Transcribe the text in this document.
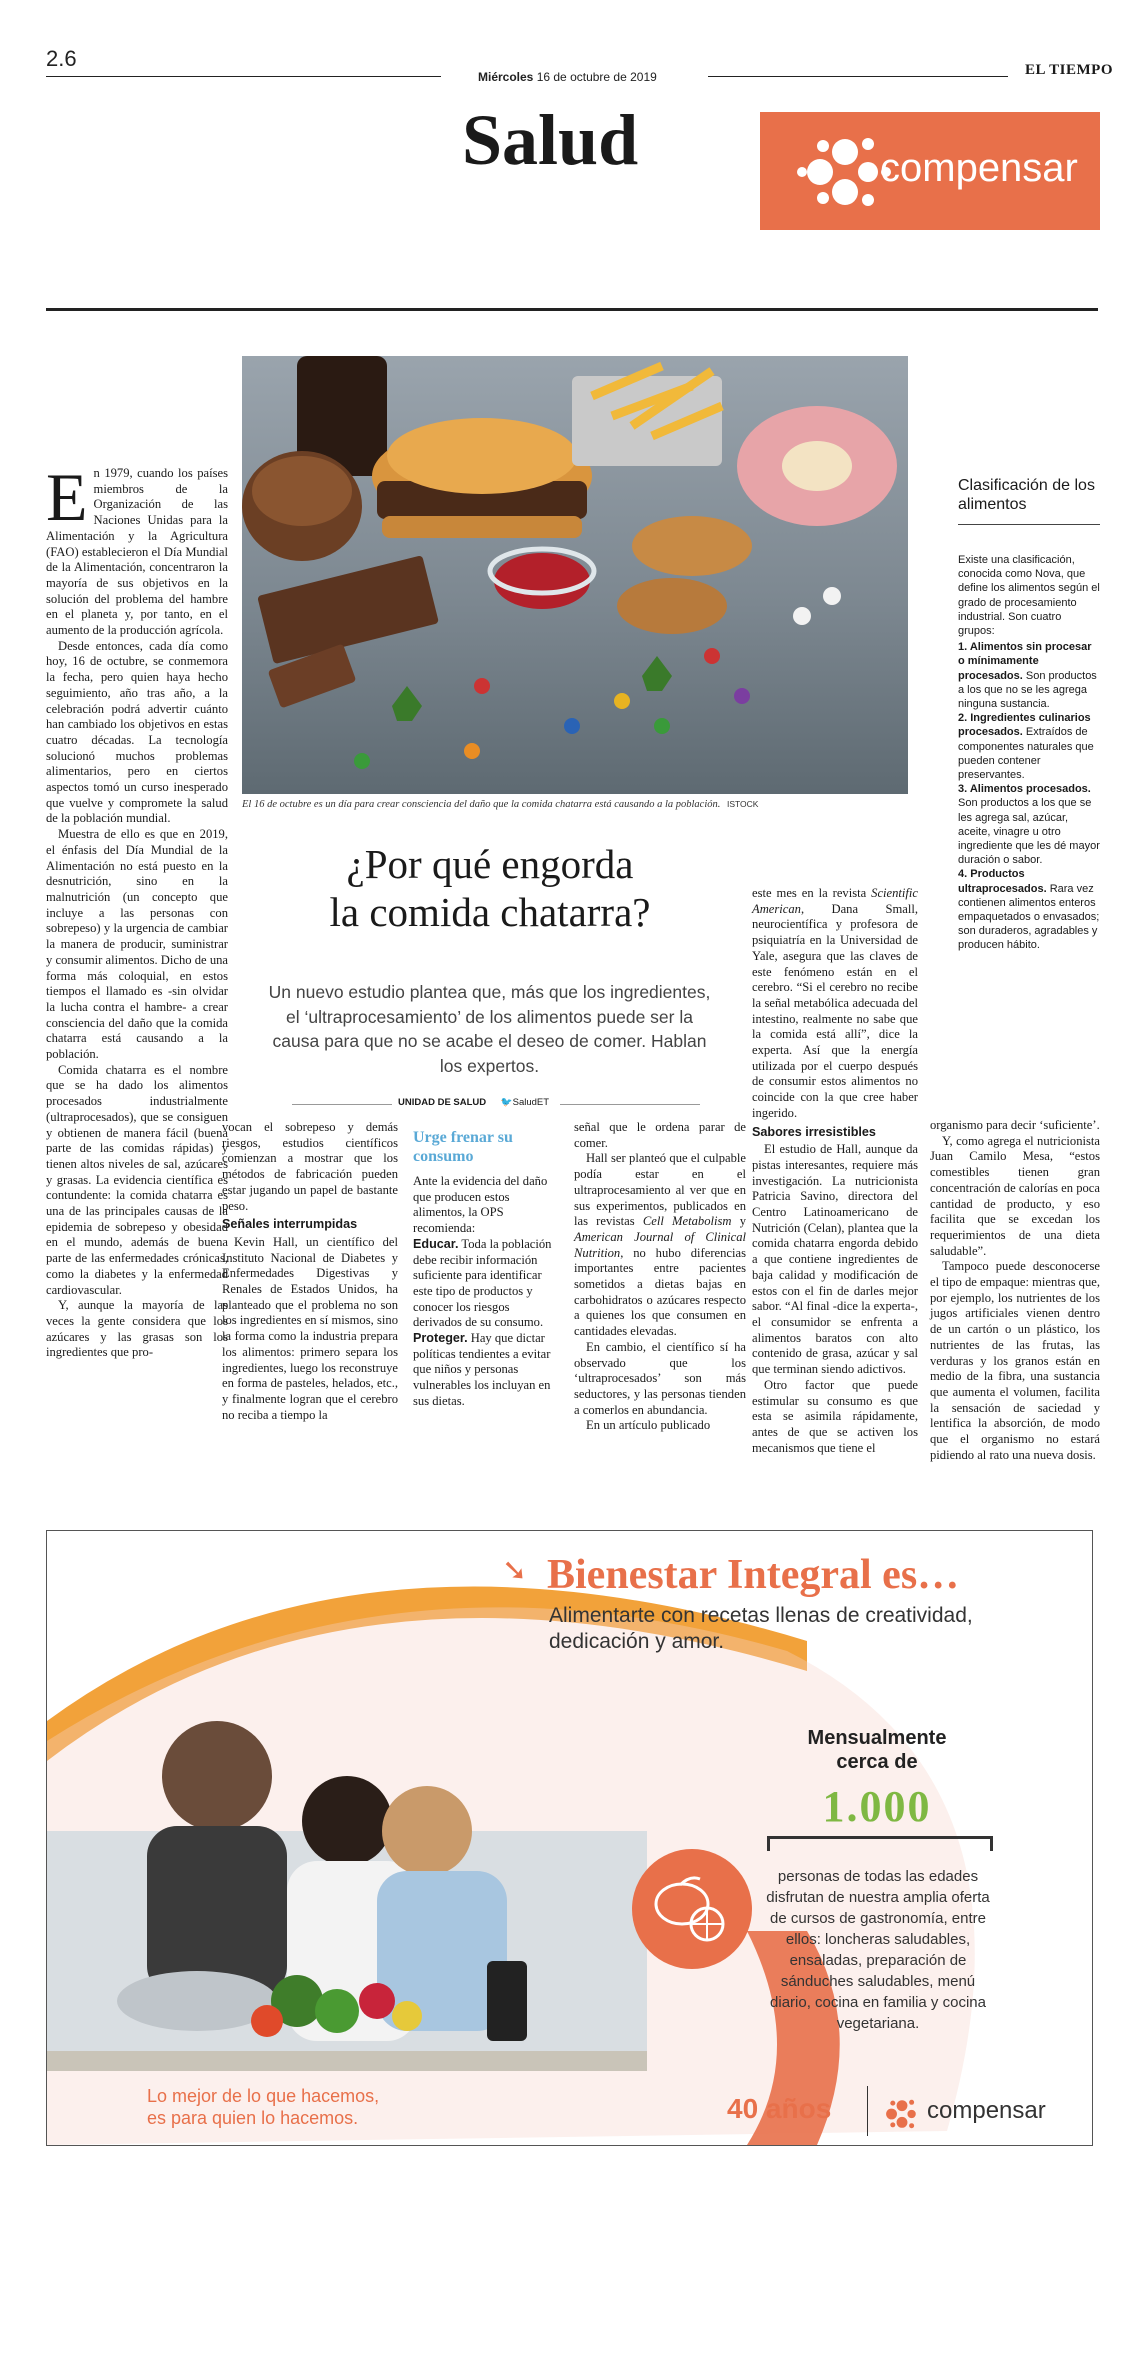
2.6
Miércoles 16 de octubre de 2019	EL TIEMPO
Salud	compensar
El 16 de octubre es un día para crear consciencia del daño que la comida chatarra está causando a la población. ISTOCK
¿Por qué engorda
la comida chatarra?
Un nuevo estudio plantea que, más que los ingredientes, el ‘ultraprocesamiento’ de los alimentos puede ser la causa para que no se acabe el deseo de comer. Hablan los expertos.
UNIDAD DE SALUD 🐦SaludET

En 1979, cuando los países miembros de la Organización de las Naciones Unidas para la Alimentación y la Agricultura (FAO) establecieron el Día Mundial de la Alimentación, concentraron la mayoría de sus objetivos en la solución del problema del hambre en el planeta y, por tanto, en el aumento de la producción agrícola.

Desde entonces, cada día como hoy, 16 de octubre, se conmemora la fecha, pero quien haya hecho seguimiento, año tras año, a la celebración podrá advertir cuánto han cambiado los objetivos en estas cuatro décadas. La tecnología solucionó muchos problemas alimentarios, pero en ciertos aspectos tomó un curso inesperado que vuelve y compromete la salud de la población mundial.

Muestra de ello es que en 2019, el énfasis del Día Mundial de la Alimentación no está puesto en la desnutrición, sino en la malnutrición (un concepto que incluye a las personas con sobrepeso) y la urgencia de cambiar la manera de producir, suministrar y consumir alimentos. Dicho de una forma más coloquial, en estos tiempos el llamado es -sin olvidar la lucha contra el hambre- a crear consciencia del daño que la comida chatarra está causando a la población.

Comida chatarra es el nombre que se ha dado los alimentos procesados industrialmente (ultraprocesados), que se consiguen y obtienen de manera fácil (buena parte de las comidas rápidas) y tienen altos niveles de sal, azúcares y grasas. La evidencia científica es contundente: la comida chatarra es una de las principales causas de la epidemia de sobrepeso y obesidad en el mundo, además de buena parte de las enfermedades crónicas, como la diabetes y la enfermedad cardiovascular.

Y, aunque la mayoría de las veces la gente considera que los azúcares y las grasas son los ingredientes que pro-

vocan el sobrepeso y demás riesgos, estudios científicos comienzan a mostrar que los métodos de fabricación pueden estar jugando un papel de bastante peso.

Señales interrumpidas

Kevin Hall, un científico del Instituto Nacional de Diabetes y Enfermedades Digestivas y Renales de Estados Unidos, ha planteado que el problema no son los ingredientes en sí mismos, sino la forma como la industria prepara los alimentos: primero separa los ingredientes, luego los reconstruye en forma de pasteles, helados, etc., y finalmente logran que el cerebro no reciba a tiempo la

Urge frenar su consumo

Ante la evidencia del daño que producen estos alimentos, la OPS recomienda:

Educar. Toda la población debe recibir información suficiente para identificar este tipo de productos y conocer los riesgos derivados de su consumo.

Proteger. Hay que dictar políticas tendientes a evitar que niños y personas vulnerables los incluyan en sus dietas.

señal que le ordena parar de comer.

Hall ser planteó que el culpable podía estar en el ultraprocesamiento al ver que en sus experimentos, publicados en las revistas Cell Metabolism y American Journal of Clinical Nutrition, no hubo diferencias importantes entre pacientes sometidos a dietas bajas en carbohidratos o azúcares respecto a quienes los que consumen en cantidades elevadas.

En cambio, el científico sí ha observado que los ‘ultraprocesados’ son más seductores, y las personas tienden a comerlos en abundancia.

En un artículo publicado

este mes en la revista Scientific American, Dana Small, neurocientífica y profesora de psiquiatría en la Universidad de Yale, asegura que las claves de este fenómeno están en el cerebro. “Si el cerebro no recibe la señal metabólica adecuada del intestino, realmente no sabe que la comida está allí”, dice la experta. Así que la energía utilizada por el cuerpo después de consumir estos alimentos no coincide con la que cree haber ingerido.

Sabores irresistibles

El estudio de Hall, aunque da pistas interesantes, requiere más investigación. La nutricionista Patricia Savino, directora del Centro Latinoamericano de Nutrición (Celan), plantea que la comida chatarra engorda debido a que contiene ingredientes de baja calidad y modificación de estos con el fin de darles mejor sabor. “Al final -dice la experta-, el consumidor se enfrenta a alimentos baratos con alto contenido de grasa, azúcar y sal que terminan siendo adictivos.

Otro factor que puede estimular su consumo es que esta se asimila rápidamente, antes de que se activen los mecanismos que tiene el

Clasificación de los alimentos
Existe una clasificación, conocida como Nova, que define los alimentos según el grado de procesamiento industrial. Son cuatro grupos:
1. Alimentos sin procesar o mínimamente procesados. Son productos a los que no se les agrega ninguna sustancia.
2. Ingredientes culinarios procesados. Extraídos de componentes naturales que pueden contener preservantes.
3. Alimentos procesados. Son productos a los que se les agrega sal, azúcar, aceite, vinagre u otro ingrediente que les dé mayor duración o sabor.
4. Productos ultraprocesados. Rara vez contienen alimentos enteros empaquetados o envasados; son duraderos, agradables y producen hábito.

organismo para decir ‘suficiente’.

Y, como agrega el nutricionista Juan Camilo Mesa, “estos comestibles tienen gran concentración de calorías en poca cantidad de producto, y eso facilita que se excedan los requerimientos de una dieta saludable”.

Tampoco puede desconocerse el tipo de empaque: mientras que, por ejemplo, los nutrientes de los jugos artificiales vienen dentro de un cartón o un plástico, los nutrientes de las frutas, las verduras y los granos están en medio de la fibra, una sustancia que aumenta el volumen, facilita la sensación de saciedad y lentifica la absorción, de modo que el organismo no estará pidiendo al rato una nueva dosis.

➘ Bienestar Integral es…
Alimentarte con recetas llenas de creatividad,
dedicación y amor.
Mensualmente
cerca de
1.000
personas de todas las edades disfrutan de nuestra amplia oferta de cursos de gastronomía, entre ellos: loncheras saludables, ensaladas, preparación de sánduches saludables, menú diario, cocina en familia y cocina vegetariana.
Lo mejor de lo que hacemos,
es para quien lo hacemos.	40 años	compensar
